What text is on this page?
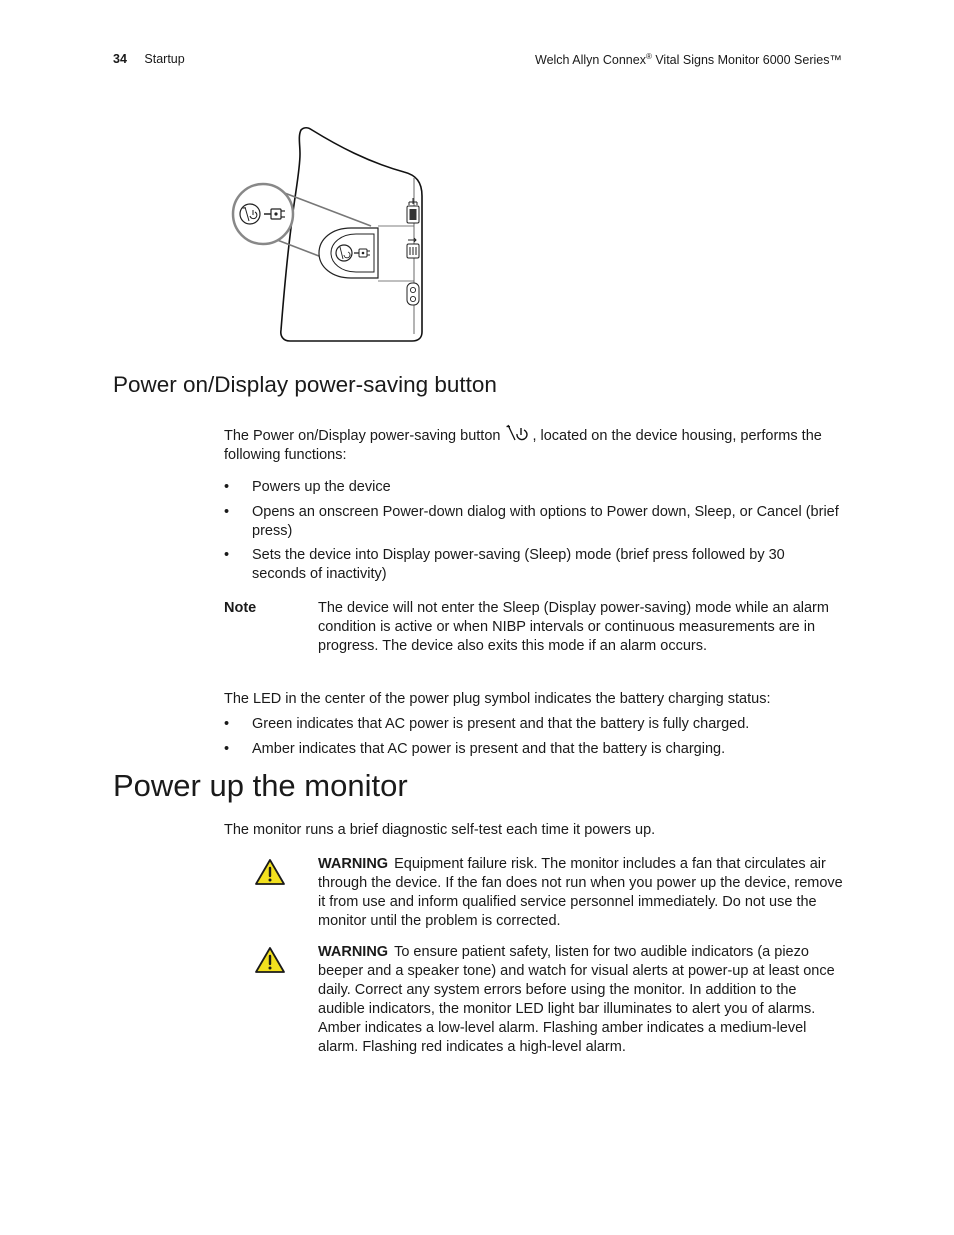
34 Startup	Welch Allyn Connex® Vital Signs Monitor 6000 Series™
Power on/Display power-saving button

The Power on/Display power-saving button , located on the device housing, performs the following functions:

•	Powers up the device
•	Opens an onscreen Power-down dialog with options to Power down, Sleep, or Cancel (brief press)
•	Sets the device into Display power-saving (Sleep) mode (brief press followed by 30 seconds of inactivity)
Note	The device will not enter the Sleep (Display power-saving) mode while an alarm condition is active or when NIBP intervals or continuous measurements are in progress. The device also exits this mode if an alarm occurs.

The LED in the center of the power plug symbol indicates the battery charging status:

•	Green indicates that AC power is present and that the battery is fully charged.
•	Amber indicates that AC power is present and that the battery is charging.
Power up the monitor

The monitor runs a brief diagnostic self-test each time it powers up.

WARNING Equipment failure risk. The monitor includes a fan that circulates air through the device. If the fan does not run when you power up the device, remove it from use and inform qualified service personnel immediately. Do not use the monitor until the problem is corrected.

WARNING To ensure patient safety, listen for two audible indicators (a piezo beeper and a speaker tone) and watch for visual alerts at power-up at least once daily. Correct any system errors before using the monitor. In addition to the audible indicators, the monitor LED light bar illuminates to alert you of alarms. Amber indicates a low-level alarm. Flashing amber indicates a medium-level alarm. Flashing red indicates a high-level alarm.
